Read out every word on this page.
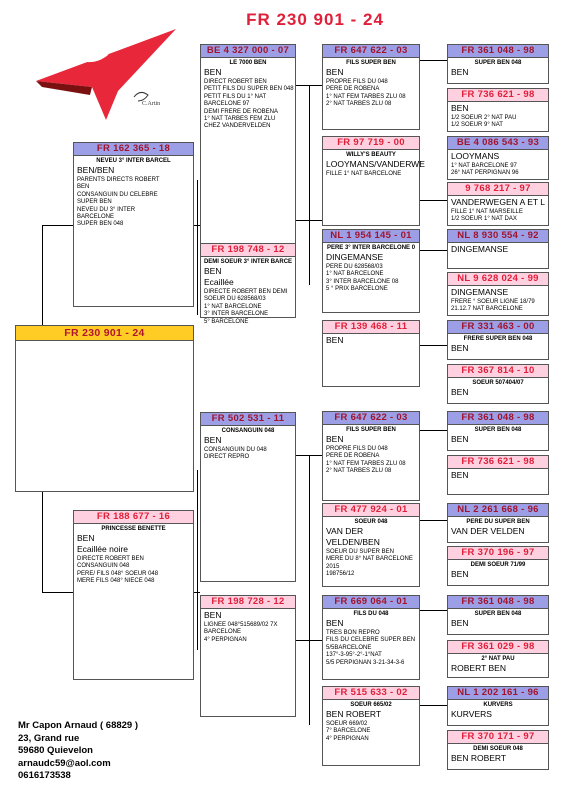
FR 230 901 - 24
C.Artin
FR 230 901 - 24
FR 162 365 - 18
NEVEU 3° INTER BARCEL
BEN/BEN
PARENTS DIRECTS ROBERT
BEN
CONSANGUIN DU CELEBRE
SUPER BEN
NEVEU DU 3° INTER
BARCELONE
SUPER BEN 048
FR 188 677 - 16
PRINCESSE BENETTE
BEN
Ecaillée noire
DIRECTE ROBERT BEN
CONSANGUIN 048
PERE/ FILS 048° SOEUR 048
MERE FILS 048° NIECE 048
BE 4 327 000 - 07
LE 7000 BEN
BEN
DIRECT ROBERT BEN
PETIT FILS DU SUPER BEN 048
PETIT FILS DU 1° NAT
BARCELONE 97
DEMI FRERE DE ROBENA
1° NAT TARBES FEM ZLU
CHEZ VANDERVELDEN
FR 198 748 - 12
DEMI SOEUR 3° INTER BARCE
BEN
Ecaillée
DIRECTE ROBERT BEN DEMI
SOEUR DU 628568/03
1° NAT BARCELONE
3° INTER BARCELONE
5° BARCELONE
FR 502 531 - 11
CONSANGUIN 048
BEN
CONSANGUIN DU 048
DIRECT REPRO
FR 198 728 - 12
BEN
LIGNEE 048°515689/02 7X
BARCELONE
4° PERPIGNAN
FR 647 622 - 03
FILS SUPER BEN
BEN
PROPRE FILS DU 048
PERE DE ROBENA
1° NAT FEM TARBES ZLU 08
2° NAT TARBES ZLU 08
FR 97 719 - 00
WILLY'S BEAUTY
LOOYMANS/VANDERWE
FILLE 1° NAT BARCELONE
NL 1 954 145 - 01
PERE 3° INTER BARCELONE 0
DINGEMANSE
PERE DU 628568/03
1° NAT BARCELONE
3° INTER BARCELONE 08
5 ° PRIX BARCELONE
FR 139 468 - 11
BEN
FR 647 622 - 03
FILS SUPER BEN
BEN
PROPRE FILS DU 048
PERE DE ROBENA
1° NAT FEM TARBES ZLU 08
2° NAT TARBES ZLU 08
FR 477 924 - 01
SOEUR 048
VAN DER VELDEN/BEN
SOEUR DU SUPER BEN
MERE DU 8° NAT BARCELONE
2015
198756/12
FR 669 064 - 01
FILS DU 048
BEN
TRES BON REPRO
FILS DU CELEBRE SUPER BEN
5/5BARCELONE
137°-3-95°-2°-1°NAT
5/5 PERPIGNAN 3-21-34-3-6
FR 515 633 - 02
SOEUR 665/02
BEN ROBERT
SOEUR 669/02
7° BARCELONE
4° PERPIGNAN
FR 361 048 - 98
SUPER BEN 048
BEN
FR 736 621 - 98
BEN
1/2 SOEUR 2° NAT PAU
1/2 SOEUR 9° NAT
BE 4 086 543 - 93
LOOYMANS
1° NAT BARCELONE 97
26° NAT PERPIGNAN 96
9 768 217 - 97
VANDERWEGEN A ET L
FILLE 1° NAT MARSEILLE
1/2 SOEUR 1° NAT DAX
NL 8 930 554 - 92
DINGEMANSE
NL 9 628 024 - 99
DINGEMANSE
FRERE ° SOEUR LIGNE 18/79
21.12.7 NAT BARCELONE
FR 331 463 - 00
FRERE SUPER BEN 048
BEN
FR 367 814 - 10
SOEUR 507404/07
BEN
FR 361 048 - 98
SUPER BEN 048
BEN
FR 736 621 - 98
BEN
NL 2 261 668 - 96
PERE DU SUPER BEN
VAN DER VELDEN
FR 370 196 - 97
DEMI SOEUR 71/99
BEN
FR 361 048 - 98
SUPER BEN 048
BEN
FR 361 029 - 98
2° NAT PAU
ROBERT BEN
NL 1 202 161 - 96
KURVERS
KURVERS
FR 370 171 - 97
DEMI SOEUR 048
BEN ROBERT
Mr Capon Arnaud ( 68829 )
23, Grand rue
59680 Quievelon
arnaudc59@aol.com
0616173538
